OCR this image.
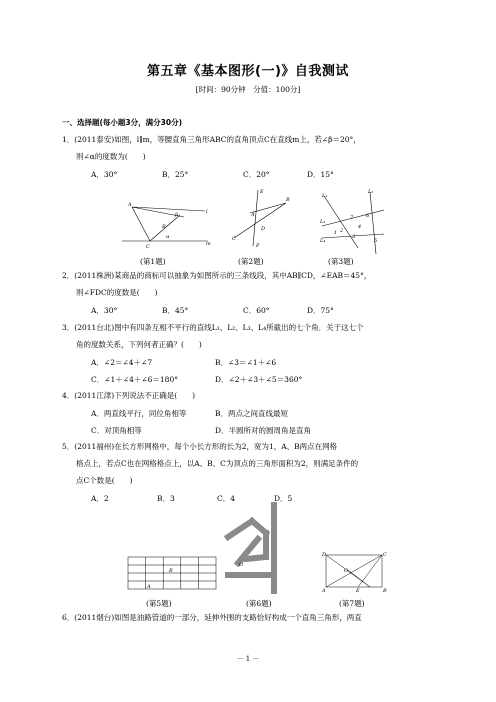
第五章《基本图形(一)》自我测试
[时间：90分钟　分值：100分]
一、选择题(每小题3分，满分30分)
1．(2011泰安)如图，l∥m，等腰直角三角形ABC的直角顶点C在直线m上，若∠β＝20°，
则∠α的度数为(　　)
A．30°	B．25°	C．20°	D．15°
A
C
l
m
β
α
B
(第1题)
E
B
A
D
C
F
(第2题)
L₁
L₂
L₃
L₄
7	6
2
3
5
4
1
(第3题)
2．(2011株洲)某商品的商标可以抽象为如图所示的三条线段，其中AB∥CD，∠EAB＝45°，
则∠FDC的度数是(　　)
A．30°	B．45°	C．60°	D．75°
3．(2011台北)图中有四条互相不平行的直线L₁、L₂、L₃、L₄所截出的七个角．关于这七个
角的度数关系，下列何者正确？(　　)
A．∠2＝∠4＋∠7	B．∠3＝∠1＋∠6
C．∠1＋∠4＋∠6＝180°	D．∠2＋∠3＋∠5＝360°
4．(2011江津)下列说法不正确是(　　)
A．两直线平行，同位角相等	B．两点之间直线最短
C．对顶角相等	D．半圆所对的圆周角是直角
5．(2011福州)在长方形网格中，每个小长方形的长为2，宽为1，A、B两点在网格
格点上，若点C也在网格格点上，以A、B、C为顶点的三角形面积为2，则满足条件的
点C个数是(　　)
A．2	B．3	C．4	D．5
B
A
(第5题)
O
(第6题)
D	C
A	B
E
O
(第7题)
6．(2011烟台)如图是油路管道的一部分，延伸外围的支路恰好构成一个直角三角形，两直
－ 1 －
